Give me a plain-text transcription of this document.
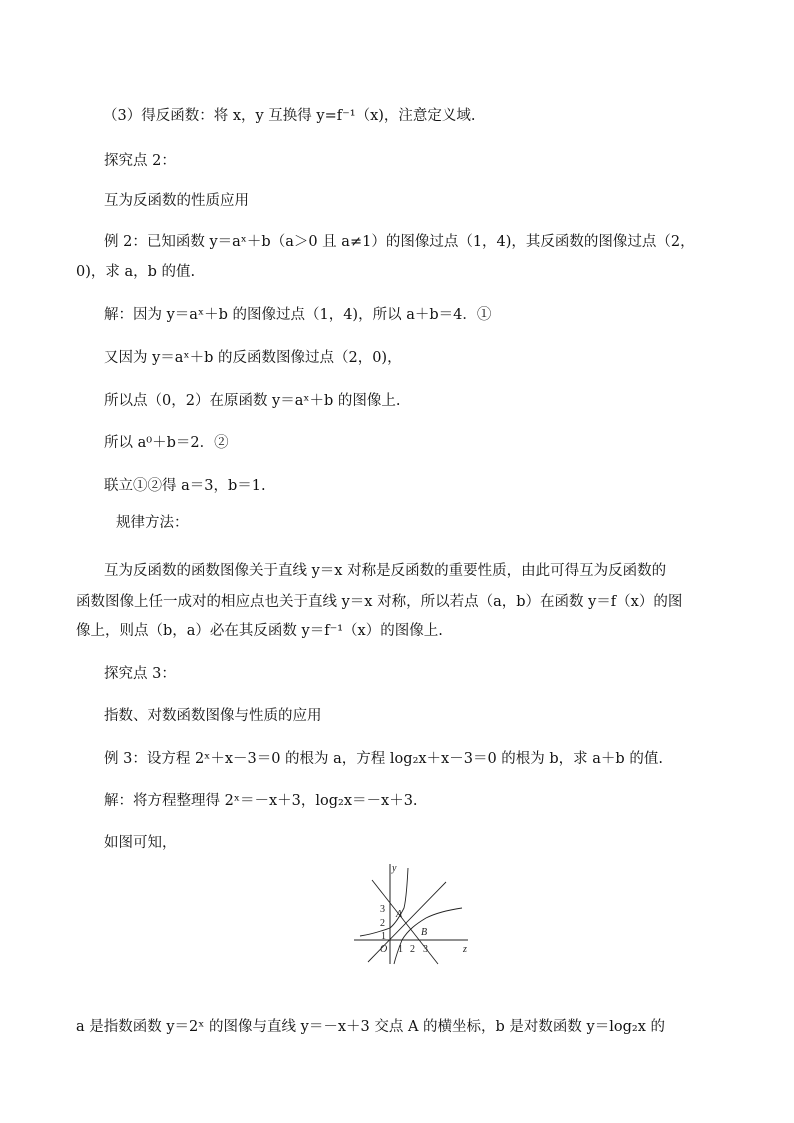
（3）得反函数：将 x，y 互换得 y=f⁻¹（x)，注意定义域.
探究点 2：
互为反函数的性质应用
例 2：已知函数 y＝aˣ＋b（a＞0 且 a≠1）的图像过点（1，4)，其反函数的图像过点（2，
0)，求 a，b 的值.
解：因为 y＝aˣ＋b 的图像过点（1，4)，所以 a＋b＝4．①
又因为 y＝aˣ＋b 的反函数图像过点（2，0)，
所以点（0，2）在原函数 y＝aˣ＋b 的图像上.
所以 a⁰＋b＝2．②
联立①②得 a＝3，b＝1.
规律方法：
互为反函数的函数图像关于直线 y＝x 对称是反函数的重要性质，由此可得互为反函数的
函数图像上任一成对的相应点也关于直线 y＝x 对称，所以若点（a，b）在函数 y＝f（x）的图
像上，则点（b，a）必在其反函数 y＝f⁻¹（x）的图像上.
探究点 3：
指数、对数函数图像与性质的应用
例 3：设方程 2ˣ＋x－3＝0 的根为 a，方程 log₂x＋x－3＝0 的根为 b，求 a＋b 的值.
解：将方程整理得 2ˣ＝－x＋3，log₂x＝－x＋3.
如图可知，
y
z
O 1 2 3
1
2
3 A
B
a 是指数函数 y＝2ˣ 的图像与直线 y＝－x＋3 交点 A 的横坐标，b 是对数函数 y＝log₂x 的
